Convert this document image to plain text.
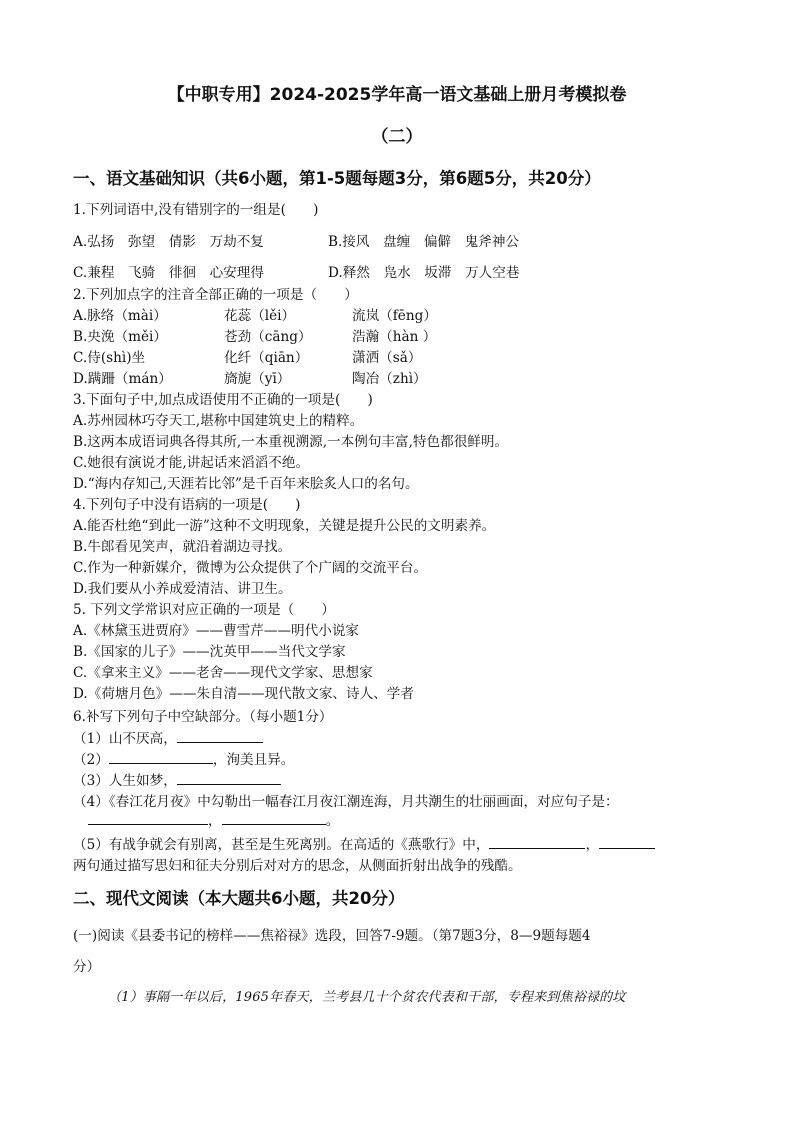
【中职专用】2024-2025学年高一语文基础上册月考模拟卷
（二）
一、语文基础知识（共6小题，第1-5题每题3分，第6题5分，共20分）
1.下列词语中,没有错别字的一组是(　　)
A.弘扬　弥望　倩影　万劫不复	B.接风　盘缠　偏僻　鬼斧神公
C.兼程　飞骑　徘徊　心安理得	D.释然　凫水　坂滞　万人空巷
2.下列加点字的注音全部正确的一项是（　　）
A.脉络（mài）	花蕊（lěi）	流岚（fēng）
B.央浼（měi）	苍劲（cāng）	浩瀚（hàn ）
C.侍(shì)坐	化纤（qiān）	潇洒（sǎ）
D.蹒跚（mán）	旖旎（yī）	陶冶（zhì）
3.下面句子中,加点成语使用不正确的一项是(　　)
A.苏州园林巧夺天工,堪称中国建筑史上的精粹。
B.这两本成语词典各得其所,一本重视溯源,一本例句丰富,特色都很鲜明。
C.她很有演说才能,讲起话来滔滔不绝。
D.“海内存知己,天涯若比邻”是千百年来脍炙人口的名句。
4.下列句子中没有语病的一项是(　　)
A.能否杜绝“到此一游”这种不文明现象，关键是提升公民的文明素养。
B.牛郎看见笑声，就沿着湖边寻找。
C.作为一种新媒介，微博为公众提供了个广阔的交流平台。
D.我们要从小养成爱清洁、讲卫生。
5. 下列文学常识对应正确的一项是（　　）
A.《林黛玉进贾府》——曹雪芹——明代小说家
B.《国家的儿子》——沈英甲——当代文学家
C.《拿来主义》——老舍——现代文学家、思想家
D.《荷塘月色》——朱自清——现代散文家、诗人、学者
6.补写下列句子中空缺部分。（每小题1分）
（1）山不厌高，
（2）	，洵美且异。
（3）人生如梦，
（4）《春江花月夜》中勾勒出一幅春江月夜江潮连海，月共潮生的壮丽画面，对应句子是：
，	。
（5）有战争就会有别离，甚至是生死离别。在高适的《燕歌行》中，	，
两句通过描写思妇和征夫分别后对对方的思念，从侧面折射出战争的残酷。
二、现代文阅读（本大题共6小题，共20分）
(一)阅读《县委书记的榜样——焦裕禄》选段，回答7-9题。（第7题3分，8—9题每题4
分）
（1）事隔一年以后，1965年春天，兰考县几十个贫农代表和干部，专程来到焦裕禄的坟
